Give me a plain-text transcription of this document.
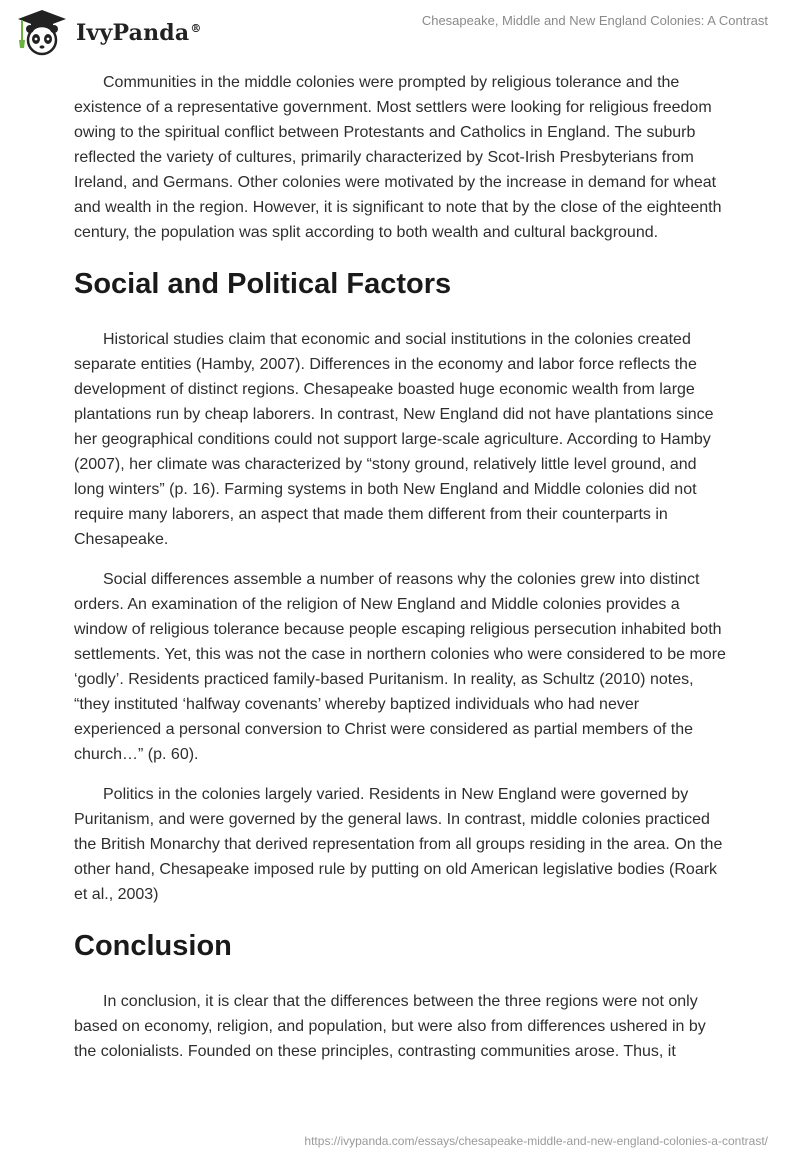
IvyPanda®
Chesapeake, Middle and New England Colonies: A Contrast

Communities in the middle colonies were prompted by religious tolerance and the existence of a representative government. Most settlers were looking for religious freedom owing to the spiritual conflict between Protestants and Catholics in England. The suburb reflected the variety of cultures, primarily characterized by Scot-Irish Presbyterians from Ireland, and Germans. Other colonies were motivated by the increase in demand for wheat and wealth in the region. However, it is significant to note that by the close of the eighteenth century, the population was split according to both wealth and cultural background.

Social and Political Factors

Historical studies claim that economic and social institutions in the colonies created separate entities (Hamby, 2007). Differences in the economy and labor force reflects the development of distinct regions. Chesapeake boasted huge economic wealth from large plantations run by cheap laborers. In contrast, New England did not have plantations since her geographical conditions could not support large-scale agriculture. According to Hamby (2007), her climate was characterized by “stony ground, relatively little level ground, and long winters” (p. 16). Farming systems in both New England and Middle colonies did not require many laborers, an aspect that made them different from their counterparts in Chesapeake.

Social differences assemble a number of reasons why the colonies grew into distinct orders. An examination of the religion of New England and Middle colonies provides a window of religious tolerance because people escaping religious persecution inhabited both settlements. Yet, this was not the case in northern colonies who were considered to be more ‘godly’. Residents practiced family-based Puritanism. In reality, as Schultz (2010) notes, “they instituted ‘halfway covenants’ whereby baptized individuals who had never experienced a personal conversion to Christ were considered as partial members of the church…” (p. 60).

Politics in the colonies largely varied. Residents in New England were governed by Puritanism, and were governed by the general laws. In contrast, middle colonies practiced the British Monarchy that derived representation from all groups residing in the area. On the other hand, Chesapeake imposed rule by putting on old American legislative bodies (Roark et al., 2003)

Conclusion

In conclusion, it is clear that the differences between the three regions were not only based on economy, religion, and population, but were also from differences ushered in by the colonialists. Founded on these principles, contrasting communities arose. Thus, it

https://ivypanda.com/essays/chesapeake-middle-and-new-england-colonies-a-contrast/
